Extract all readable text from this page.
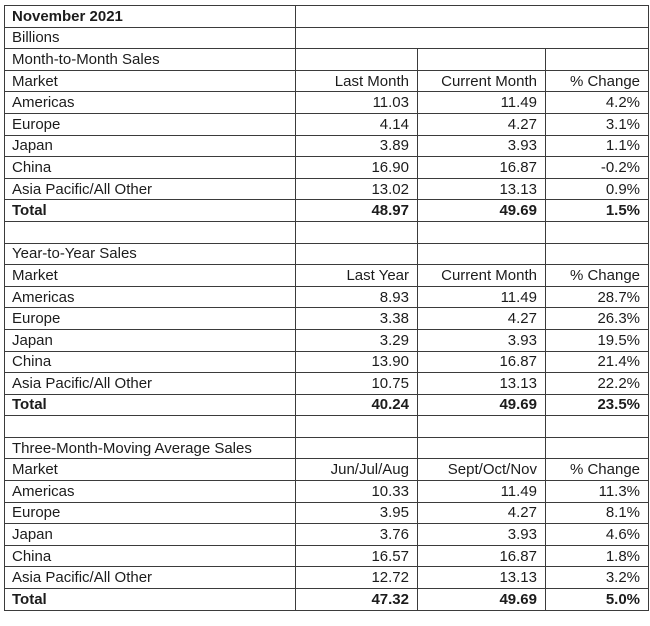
November 2021			
Billions			
Month-to-Month Sales			
Market	Last Month	Current Month	% Change
Americas	11.03	11.49	4.2%
Europe	4.14	4.27	3.1%
Japan	3.89	3.93	1.1%
China	16.90	16.87	-0.2%
Asia Pacific/All Other	13.02	13.13	0.9%
Total	48.97	49.69	1.5%

Year-to-Year Sales			
Market	Last Year	Current Month	% Change
Americas	8.93	11.49	28.7%
Europe	3.38	4.27	26.3%
Japan	3.29	3.93	19.5%
China	13.90	16.87	21.4%
Asia Pacific/All Other	10.75	13.13	22.2%
Total	40.24	49.69	23.5%

Three-Month-Moving Average Sales			
Market	Jun/Jul/Aug	Sept/Oct/Nov	% Change
Americas	10.33	11.49	11.3%
Europe	3.95	4.27	8.1%
Japan	3.76	3.93	4.6%
China	16.57	16.87	1.8%
Asia Pacific/All Other	12.72	13.13	3.2%
Total	47.32	49.69	5.0%
